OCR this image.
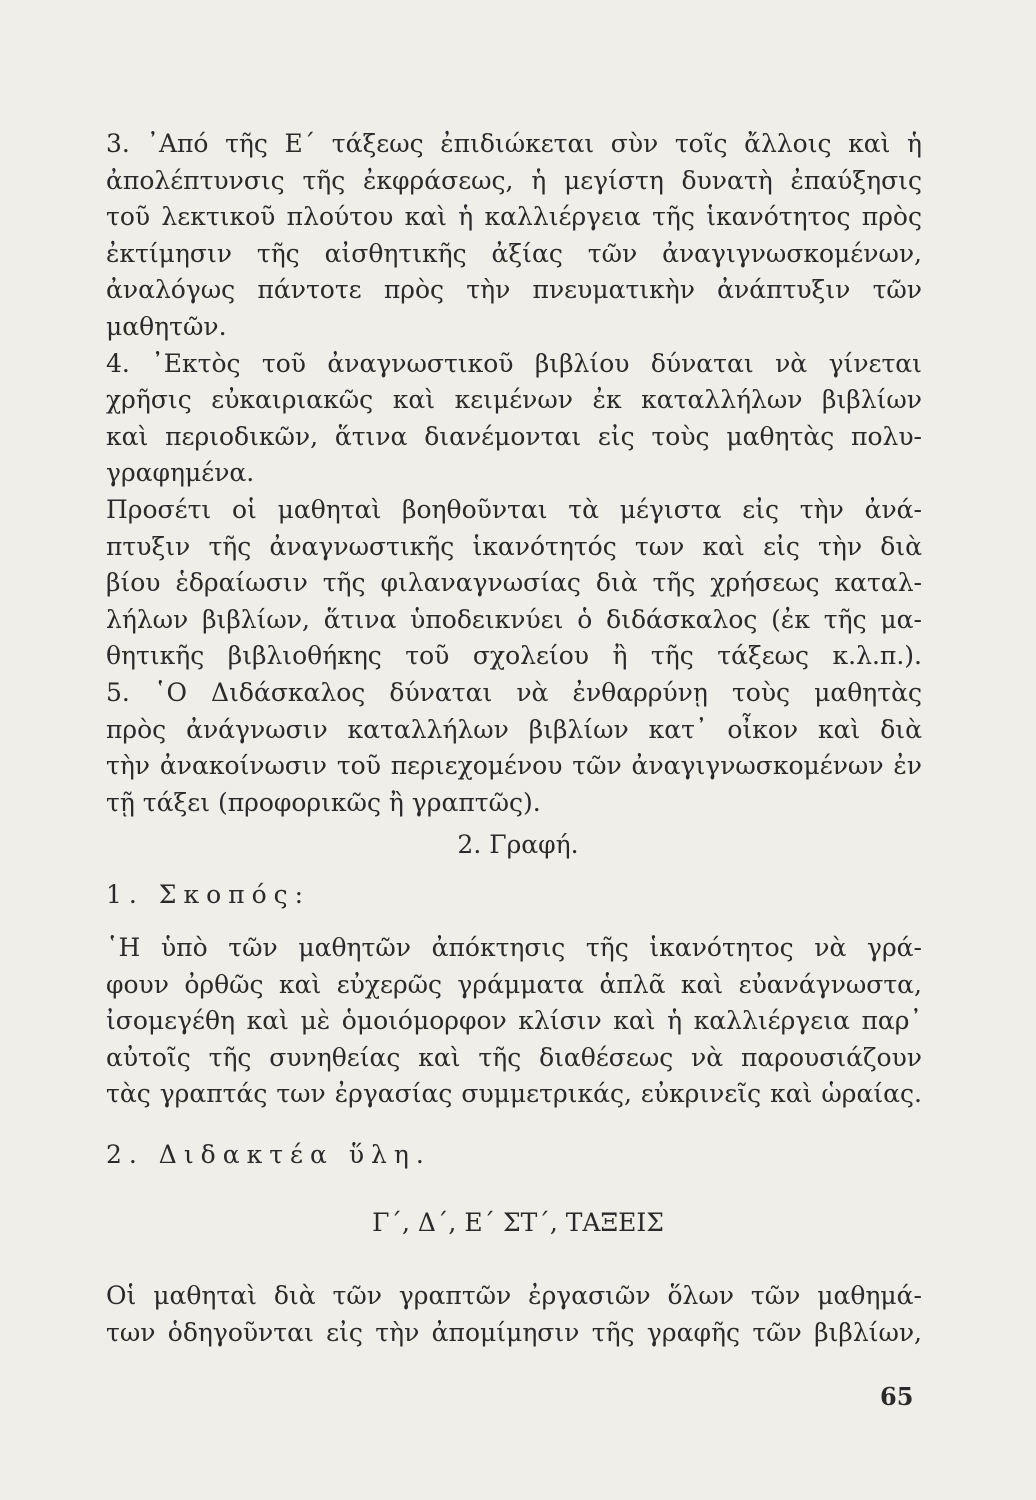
3. ᾿Από τῆς Ε΄ τάξεως ἐπιδιώκεται σὺν τοῖς ἄλλοις καὶ ἡ
ἀπολέπτυνσις τῆς ἐκφράσεως, ἡ μεγίστη δυνατὴ ἐπαύξησις
τοῦ λεκτικοῦ πλούτου καὶ ἡ καλλιέργεια τῆς ἱκανότητος πρὸς
ἐκτίμησιν τῆς αἰσθητικῆς ἀξίας τῶν ἀναγιγνωσκομένων,
ἀναλόγως πάντοτε πρὸς τὴν πνευματικὴν ἀνάπτυξιν τῶν
μαθητῶν.
4. ᾿Εκτὸς τοῦ ἀναγνωστικοῦ βιβλίου δύναται νὰ γίνεται
χρῆσις εὐκαιριακῶς καὶ κειμένων ἐκ καταλλήλων βιβλίων
καὶ περιοδικῶν, ἅτινα διανέμονται εἰς τοὺς μαθητὰς πολυ-
γραφημένα.
Προσέτι οἱ μαθηταὶ βοηθοῦνται τὰ μέγιστα εἰς τὴν ἀνά-
πτυξιν τῆς ἀναγνωστικῆς ἱκανότητός των καὶ εἰς τὴν διὰ
βίου ἑδραίωσιν τῆς φιλαναγνωσίας διὰ τῆς χρήσεως καταλ-
λήλων βιβλίων, ἅτινα ὑποδεικνύει ὁ διδάσκαλος (ἐκ τῆς μα-
θητικῆς βιβλιοθήκης τοῦ σχολείου ἢ τῆς τάξεως κ.λ.π.).
5. ῾Ο Διδάσκαλος δύναται νὰ ἐνθαρρύνῃ τοὺς μαθητὰς
πρὸς ἀνάγνωσιν καταλλήλων βιβλίων κατ᾿ οἶκον καὶ διὰ
τὴν ἀνακοίνωσιν τοῦ περιεχομένου τῶν ἀναγιγνωσκομένων ἐν
τῇ τάξει (προφορικῶς ἢ γραπτῶς).
2. Γραφή.
1. Σκοπός:
῾Η ὑπὸ τῶν μαθητῶν ἀπόκτησις τῆς ἱκανότητος νὰ γρά-
φουν ὀρθῶς καὶ εὐχερῶς γράμματα ἁπλᾶ καὶ εὐανάγνωστα,
ἰσομεγέθη καὶ μὲ ὁμοιόμορφον κλίσιν καὶ ἡ καλλιέργεια παρ᾿
αὐτοῖς τῆς συνηθείας καὶ τῆς διαθέσεως νὰ παρουσιάζουν
τὰς γραπτάς των ἐργασίας συμμετρικάς, εὐκρινεῖς καὶ ὡραίας.
2. Διδακτέα ὕλη.
Γ΄, Δ΄, Ε΄ ΣΤ΄, ΤΑΞΕΙΣ
Οἱ μαθηταὶ διὰ τῶν γραπτῶν ἐργασιῶν ὅλων τῶν μαθημά-
των ὁδηγοῦνται εἰς τὴν ἀπομίμησιν τῆς γραφῆς τῶν βιβλίων,
65
